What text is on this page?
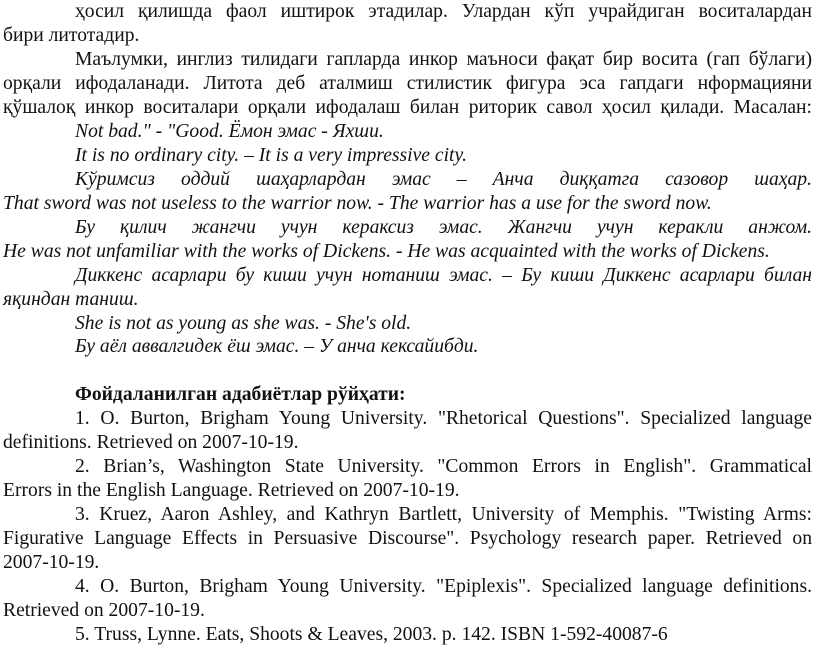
ҳосил қилишда фаол иштирок этадилар. Улардан кўп учрайдиган воситалардан
бири литотадир.
Маълумки, инглиз тилидаги гапларда инкор маъноси фақат бир восита (гап бўлаги)
орқали ифодаланади. Литота деб аталмиш стилистик фигура эса гапдаги нформацияни
қўшалоқ инкор воситалари орқали ифодалаш билан риторик савол ҳосил қилади. Масалан:
Not bad." - "Good. Ёмон эмас - Яхши.
It is no ordinary city. – It is a very impressive city.
Кўримсиз оддий шаҳарлардан эмас – Анча диққатга сазовор шаҳар.
That sword was not useless to the warrior now. - The warrior has a use for the sword now.
Бу қилич жангчи учун кераксиз эмас. Жангчи учун керакли анжом.
He was not unfamiliar with the works of Dickens. - He was acquainted with the works of Dickens.
Диккенс асарлари бу киши учун нотаниш эмас. – Бу киши Диккенс асарлари билан
яқиндан таниш.
She is not as young as she was. - She's old.
Бу аёл аввалгидек ёш эмас. – У анча кексайибди.
Фойдаланилган адабиётлар рўйҳати:
1. O. Burton, Brigham Young University. "Rhetorical Questions". Specialized language
definitions. Retrieved on 2007-10-19.
2. Brian’s, Washington State University. "Common Errors in English". Grammatical
Errors in the English Language. Retrieved on 2007-10-19.
3. Kruez, Aaron Ashley, and Kathryn Bartlett, University of Memphis. "Twisting Arms:
Figurative Language Effects in Persuasive Discourse". Psychology research paper. Retrieved on
2007-10-19.
4. O. Burton, Brigham Young University. "Epiplexis". Specialized language definitions.
Retrieved on 2007-10-19.
5. Truss, Lynne. Eats, Shoots & Leaves, 2003. p. 142. ISBN 1-592-40087-6
